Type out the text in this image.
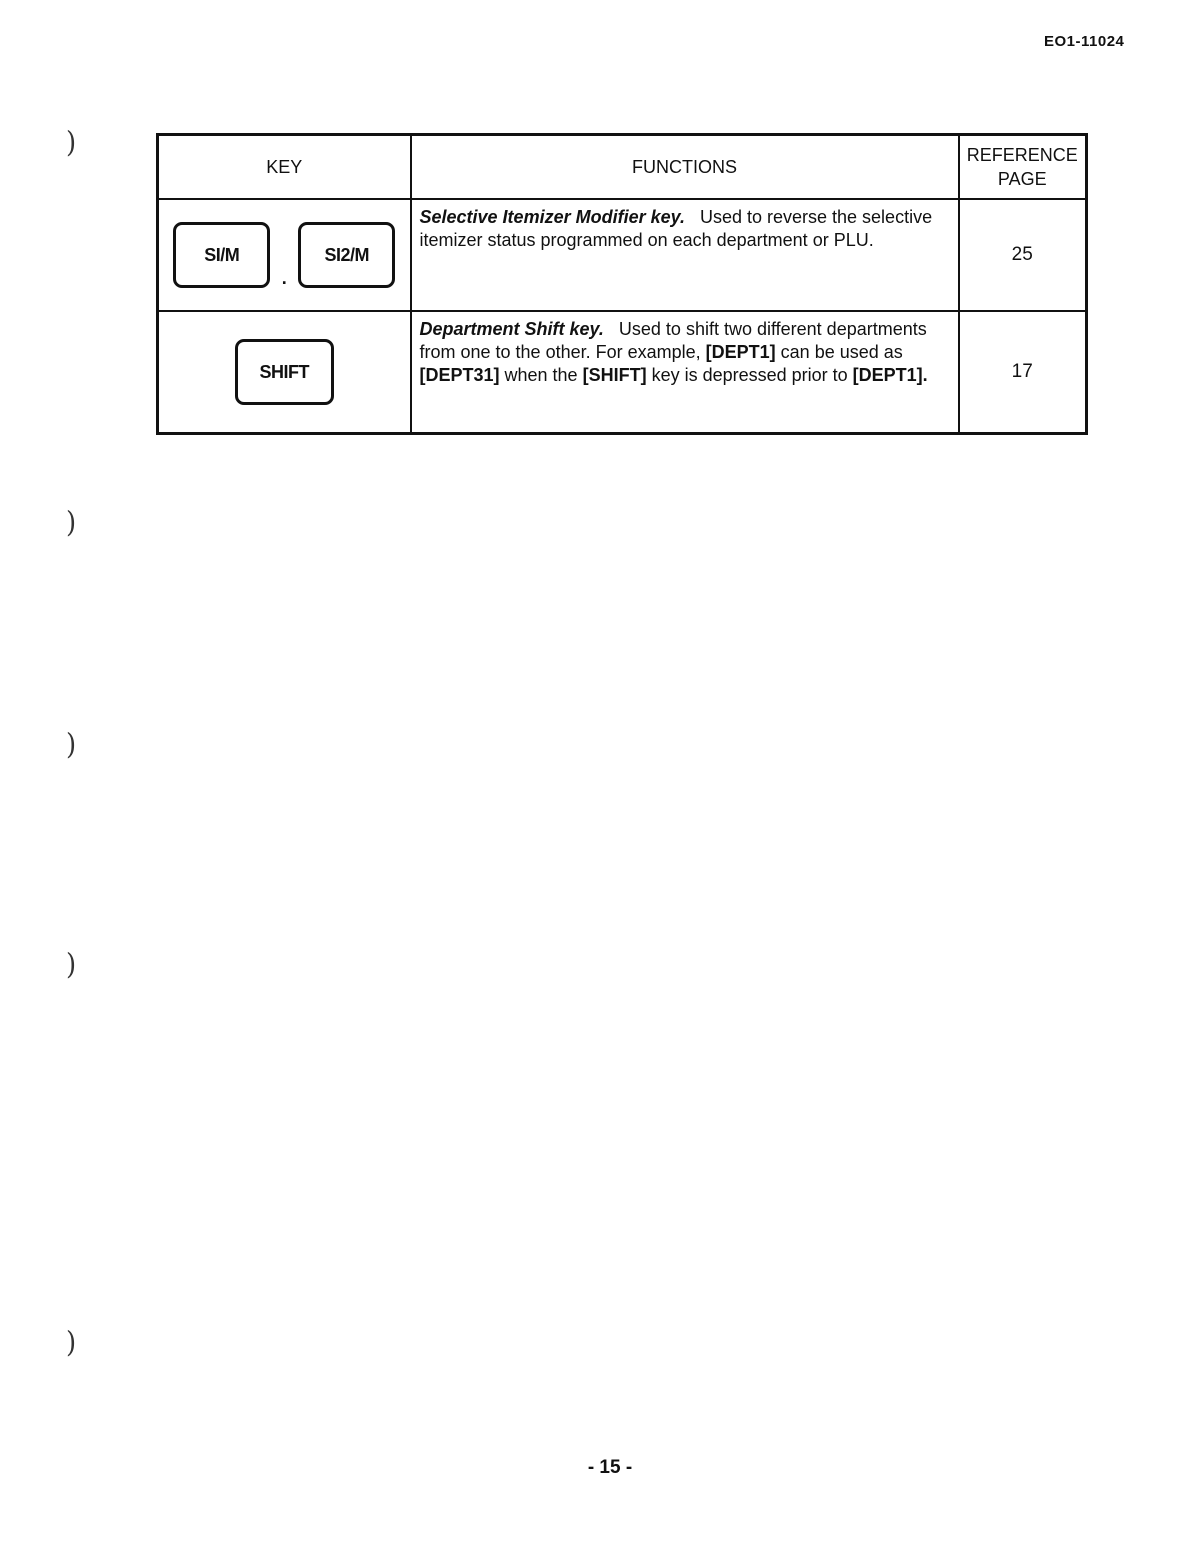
EO1-11024
)
)
)
)
)
KEY	FUNCTIONS	REFERENCE
PAGE

SI/M.SI2/M	Selective Itemizer Modifier key. Used to reverse the selective itemizer status programmed on each department or PLU.	25
SHIFT	Department Shift key. Used to shift two different departments from one to the other. For example, [DEPT1] can be used as [DEPT31] when the [SHIFT] key is depressed prior to [DEPT1].	17
- 15 -
